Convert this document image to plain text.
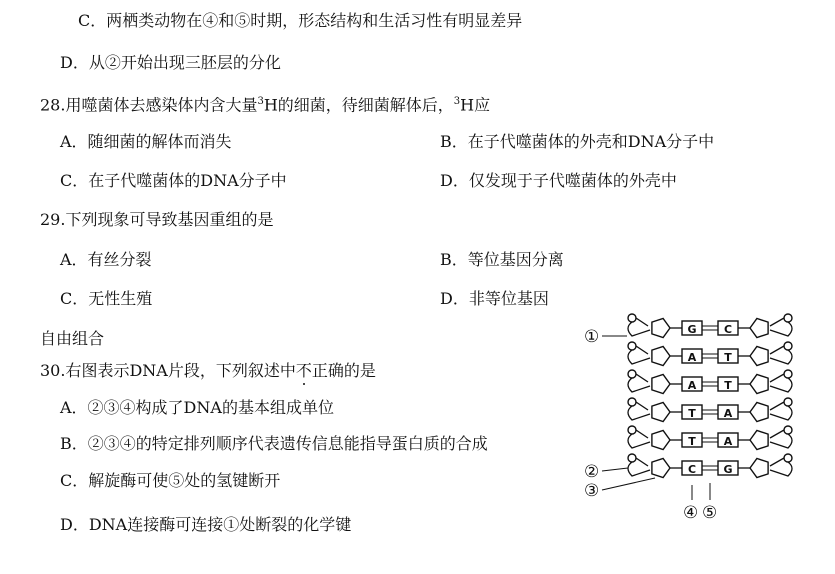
C．两栖类动物在④和⑤时期，形态结构和生活习性有明显差异
D．从②开始出现三胚层的分化
28.用噬菌体去感染体内含大量$^3$H的细菌，待细菌解体后，$^3$H应
A．随细菌的解体而消失	B．在子代噬菌体的外壳和DNA分子中
C．在子代噬菌体的DNA分子中	D．仅发现于子代噬菌体的外壳中
29.下列现象可导致基因重组的是
A．有丝分裂	B．等位基因分离
C．无性生殖	D．非等位基因
自由组合
30.右图表示DNA片段，下列叙述中不正确的是
A．②③④构成了DNA的基本组成单位
B．②③④的特定排列顺序代表遗传信息能指导蛋白质的合成
C．解旋酶可使⑤处的氢键断开
D．DNA连接酶可连接①处断裂的化学键
G C
A	T
A	T
T	A
T	A
C G
①
②
③
④ ⑤
